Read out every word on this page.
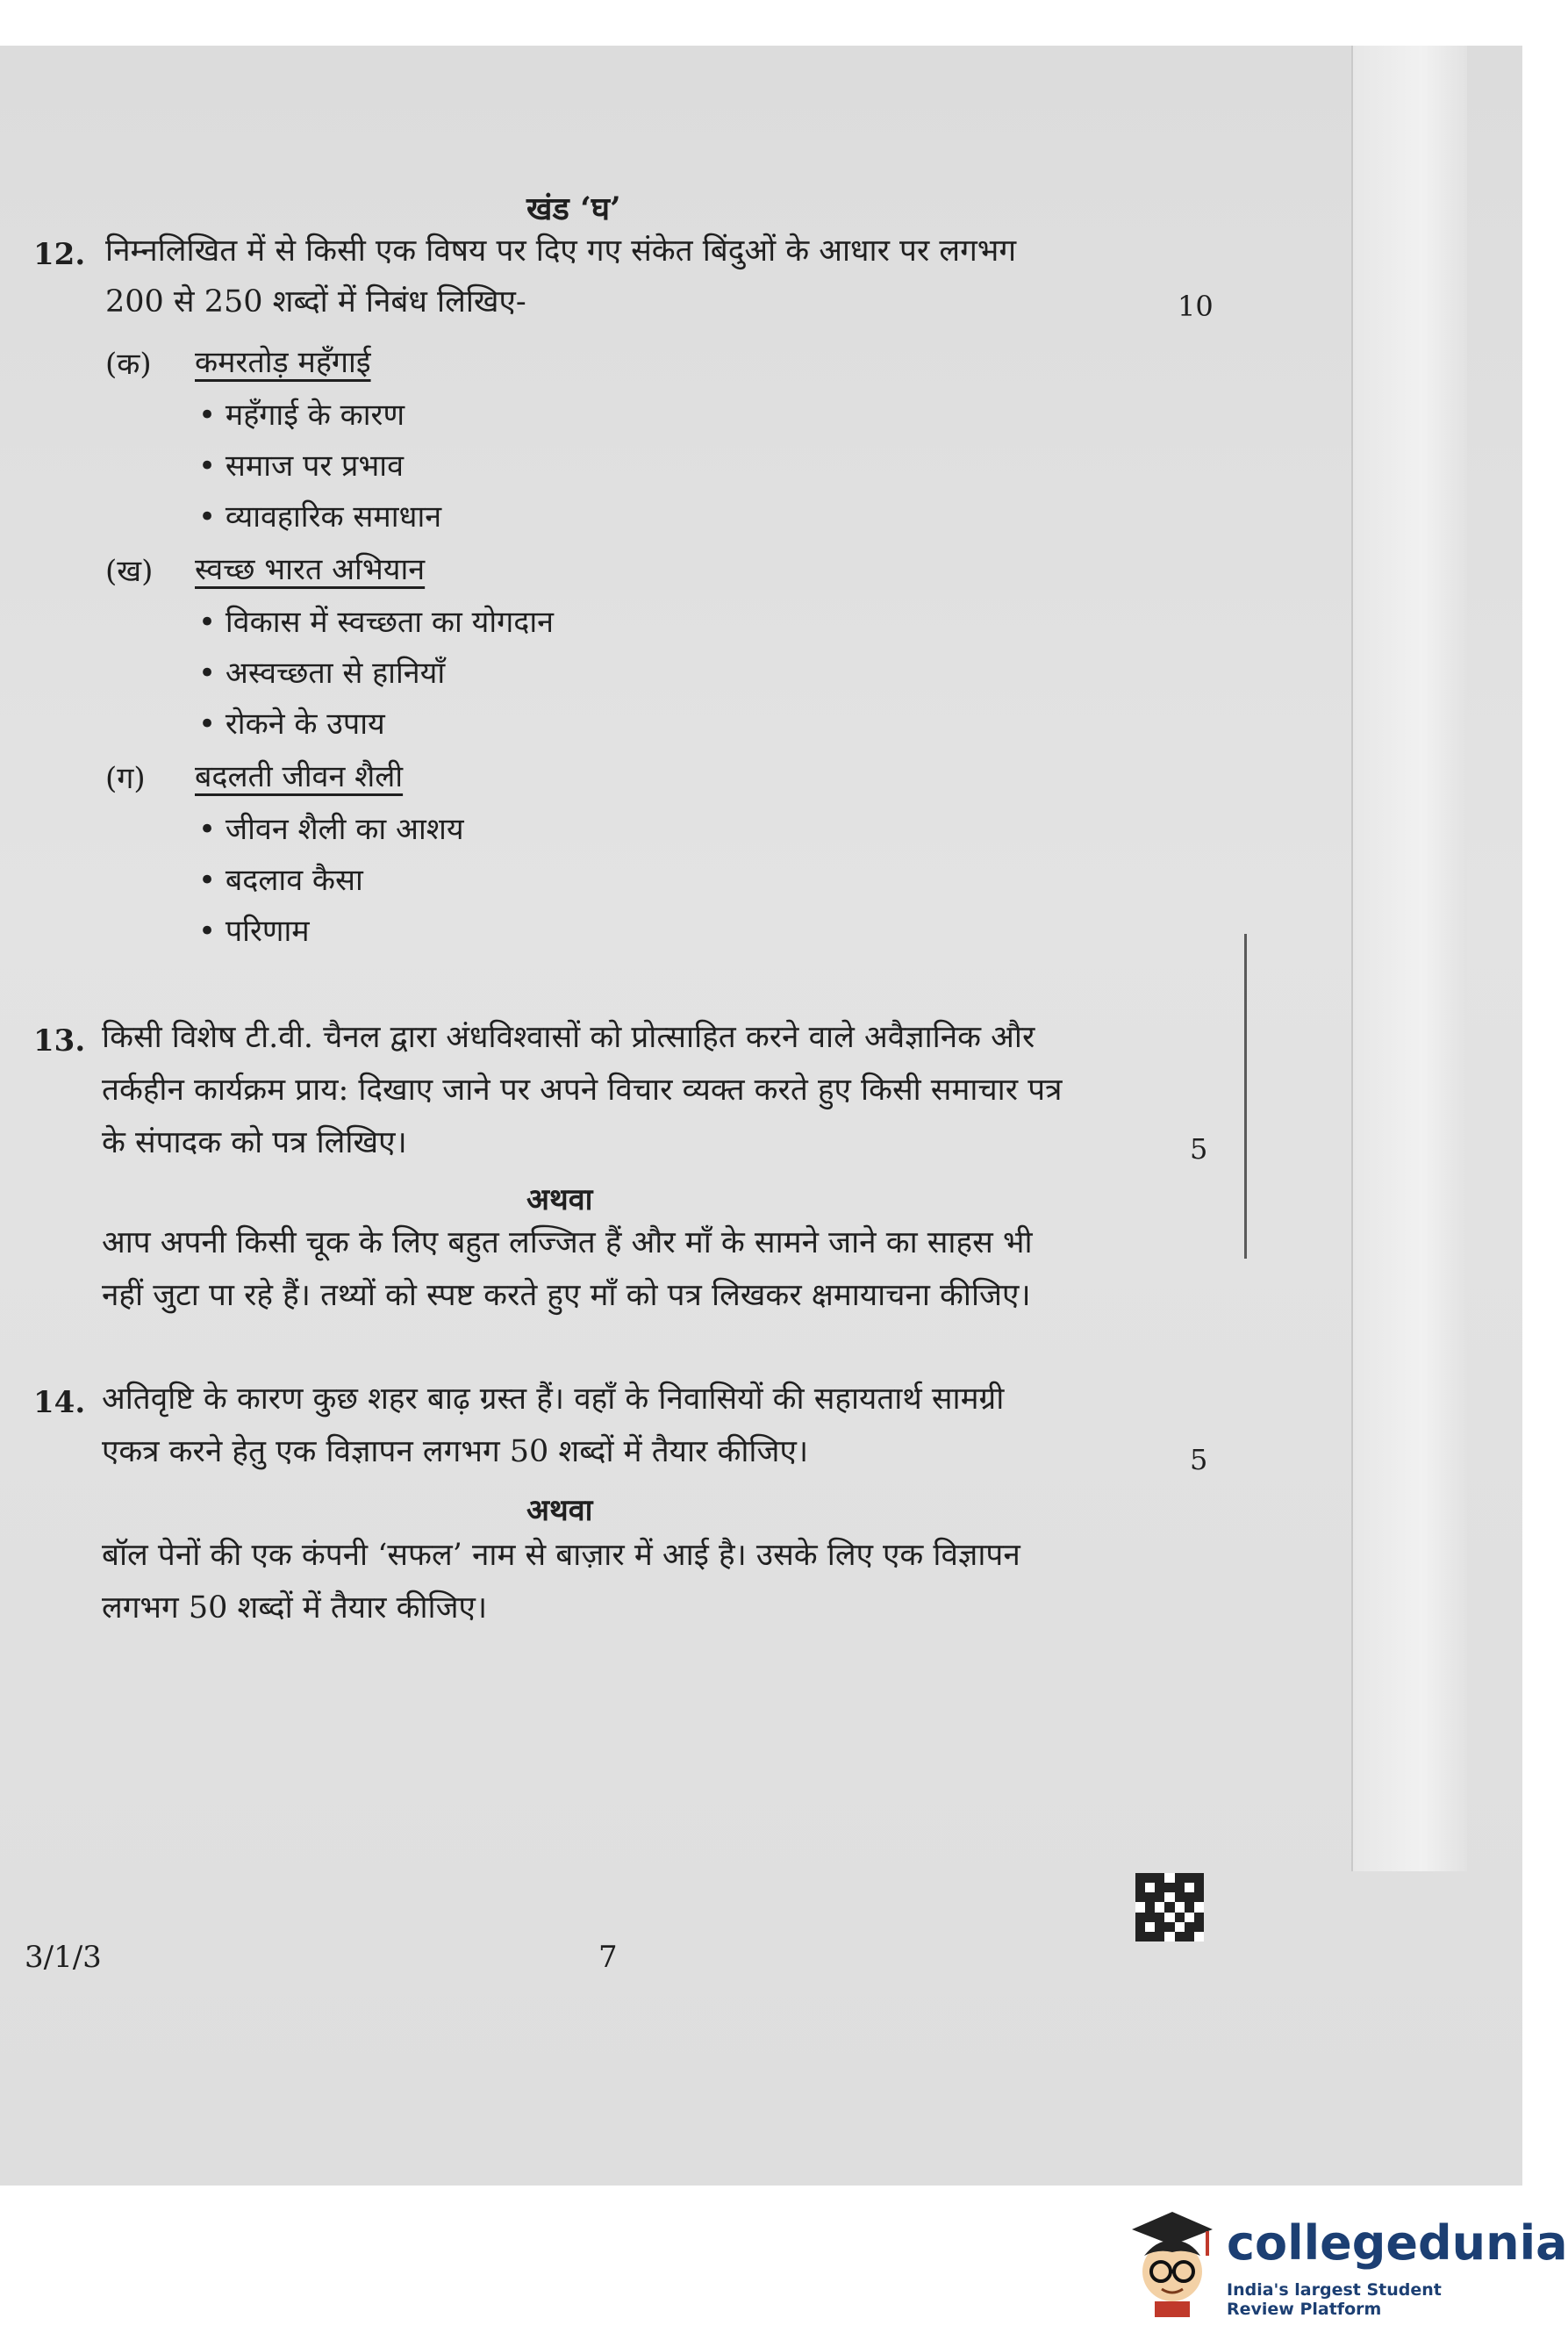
खंड ‘घ’
12. निम्नलिखित में से किसी एक विषय पर दिए गए संकेत बिंदुओं के आधार पर लगभग
200 से 250 शब्दों में निबंध लिखिए-	10
(क) कमरतोड़ महँगाई
• महँगाई के कारण
• समाज पर प्रभाव
• व्यावहारिक समाधान
(ख) स्वच्छ भारत अभियान
• विकास में स्वच्छता का योगदान
• अस्वच्छता से हानियाँ
• रोकने के उपाय
(ग) बदलती जीवन शैली
• जीवन शैली का आशय
• बदलाव कैसा
• परिणाम
13. किसी विशेष टी.वी. चैनल द्वारा अंधविश्वासों को प्रोत्साहित करने वाले अवैज्ञानिक और
तर्कहीन कार्यक्रम प्राय: दिखाए जाने पर अपने विचार व्यक्त करते हुए किसी समाचार पत्र
के संपादक को पत्र लिखिए।	5
अथवा
आप अपनी किसी चूक के लिए बहुत लज्जित हैं और माँ के सामने जाने का साहस भी
नहीं जुटा पा रहे हैं। तथ्यों को स्पष्ट करते हुए माँ को पत्र लिखकर क्षमायाचना कीजिए।
14. अतिवृष्टि के कारण कुछ शहर बाढ़ ग्रस्त हैं। वहाँ के निवासियों की सहायतार्थ सामग्री
एकत्र करने हेतु एक विज्ञापन लगभग 50 शब्दों में तैयार कीजिए।	5
अथवा
बॉल पेनों की एक कंपनी ‘सफल’ नाम से बाज़ार में आई है। उसके लिए एक विज्ञापन
लगभग 50 शब्दों में तैयार कीजिए।
3/1/3	7
collegedunia
India's largest Student Review Platform
